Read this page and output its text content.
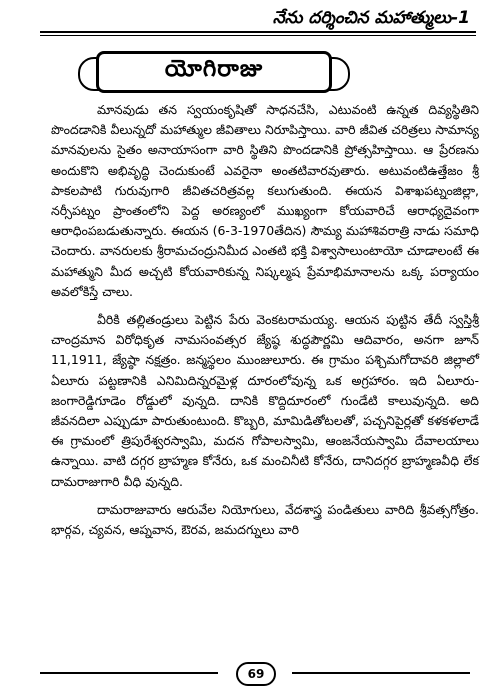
నేను దర్శించిన మహాత్ములు-1
యోగిరాజు

మానవుడు తన స్వయంకృషితో సాధనచేసి, ఎటువంటి ఉన్నత దివ్యస్థితిని పొందడానికి వీలున్నదో మహాత్ముల జీవితాలు నిరూపిస్తాయి. వారి జీవిత చరిత్రలు సామాన్య మానవులను సైతం అనాయాసంగా వారి స్థితిని పొందడానికి ప్రోత్సహిస్తాయి. ఆ ప్రేరణను అందుకొని అభివృద్ధి చెందుకుంటే ఎవరైనా అంతటివారవుతారు. అటువంటిఉత్తేజం శ్రీ పాకలపాటి గురువుగారి జీవితచరిత్రవల్ల కలుగుతుంది. ఈయన విశాఖపట్నంజిల్లా, నర్సీపట్నం ప్రాంతంలోని పెద్ద అరణ్యంలో ముఖ్యంగా కోయవారిచే ఆరాధ్యదైవంగా ఆరాధింపబడుతున్నారు. ఈయన (6-3-1970తేదిన) సౌమ్య మహాశివరాత్రి నాడు సమాధి చెందారు. వానరులకు శ్రీరామచంద్రునిమీద ఎంతటి భక్తి విశ్వాసాలుంటాయో చూడాలంటే ఈ మహాత్ముని మీద అచ్చటి కోయవారికున్న నిష్కల్మష ప్రేమాభిమానాలను ఒక్క పర్యాయం అవలోకిస్తే చాలు.

వీరికి తల్లితండ్రులు పెట్టిన పేరు వెంకటరామయ్య. ఆయన పుట్టిన తేదీ స్వస్తిశ్రీ చాంద్రమాన విరోధికృత నామసంవత్సర జ్యేష్ఠ శుద్ధపౌర్ణమి ఆదివారం, అనగా జూన్ 11,1911, జ్యేష్ఠా నక్షత్రం. జన్మస్థలం ముంజులూరు. ఈ గ్రామం పశ్చిమగోదావరి జిల్లాలో ఏలూరు పట్టణానికి ఎనిమిదిన్నరమైళ్ల దూరంలోవున్న ఒక అగ్రహారం. ఇది ఏలూరు-జంగారెడ్డిగూడెం రోడ్డులో వున్నది. దానికి కొద్దిదూరంలో గుండేటి కాలువున్నది. అది జీవనదిలా ఎప్పుడూ పారుతుంటుంది. కొబ్బరి, మామిడితోటలతో, పచ్చనిపైర్లతో కళకళలాడే ఈ గ్రామంలో త్రిపురేశ్వరస్వామి, మదన గోపాలస్వామి, ఆంజనేయస్వామి దేవాలయాలు ఉన్నాయి. వాటి దగ్గర బ్రాహ్మణ కోనేరు, ఒక మంచినీటి కోనేరు, దానిదగ్గర బ్రాహ్మణవీధి లేక దామరాజుగారి వీధి వున్నది.

దామరాజువారు ఆరువేల నియోగులు, వేదశాస్త్ర పండితులు వారిది శ్రీవత్సగోత్రం. భార్గవ, చ్యవన, ఆప్నవాన, ఔరవ, జమదగ్నులు వారి

69
